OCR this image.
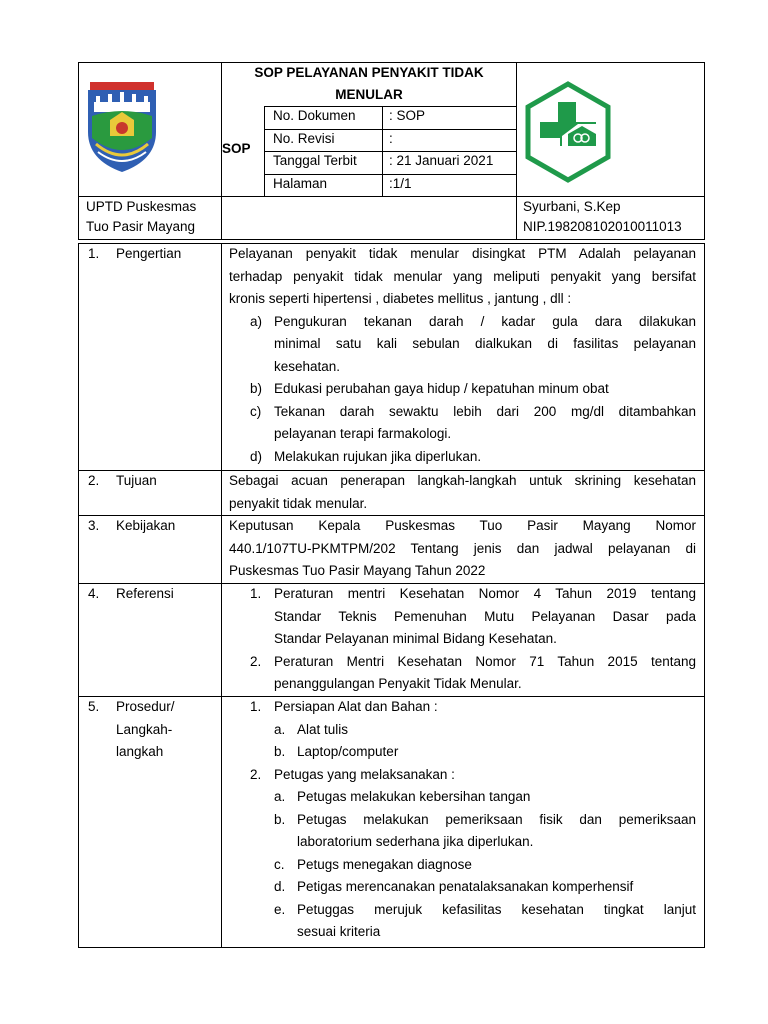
SOP PELAYANAN PENYAKIT TIDAK
MENULAR
SOP
No. Dokumen : SOP
No. Revisi	:
Tanggal Terbit : 21 Januari 2021
Halaman	:1/1
UPTD Puskesmas
Tuo Pasir Mayang
Syurbani, S.Kep
NIP.198208102010011013
1. Pengertian	Pelayanan penyakit tidak menular disingkat PTM Adalah pelayanan
terhadap penyakit tidak menular yang meliputi penyakit yang bersifat
kronis seperti hipertensi , diabetes mellitus , jantung , dll :
a) Pengukuran tekanan darah / kadar gula dara dilakukan
minimal satu kali sebulan dialkukan di fasilitas pelayanan
kesehatan.
b) Edukasi perubahan gaya hidup / kepatuhan minum obat
c) Tekanan darah sewaktu lebih dari 200 mg/dl ditambahkan
pelayanan terapi farmakologi.
d) Melakukan rujukan jika diperlukan.
2. Tujuan	Sebagai acuan penerapan langkah-langkah untuk skrining kesehatan
penyakit tidak menular.
3. Kebijakan	Keputusan Kepala Puskesmas Tuo Pasir Mayang Nomor
440.1/107TU-PKMTPM/202 Tentang jenis dan jadwal pelayanan di
Puskesmas Tuo Pasir Mayang Tahun 2022
4. Referensi	1. Peraturan mentri Kesehatan Nomor 4 Tahun 2019 tentang
Standar Teknis Pemenuhan Mutu Pelayanan Dasar pada
Standar Pelayanan minimal Bidang Kesehatan.
2. Peraturan Mentri Kesehatan Nomor 71 Tahun 2015 tentang
penanggulangan Penyakit Tidak Menular.
5. Prosedur/
Langkah-
langkah
1. Persiapan Alat dan Bahan :
a. Alat tulis
b. Laptop/computer
2. Petugas yang melaksanakan :
a. Petugas melakukan kebersihan tangan
b. Petugas melakukan pemeriksaan fisik dan pemeriksaan
laboratorium sederhana jika diperlukan.
c. Petugs menegakan diagnose
d. Petigas merencanakan penatalaksanakan komperhensif
e. Petuggas merujuk kefasilitas kesehatan tingkat lanjut
sesuai kriteria
